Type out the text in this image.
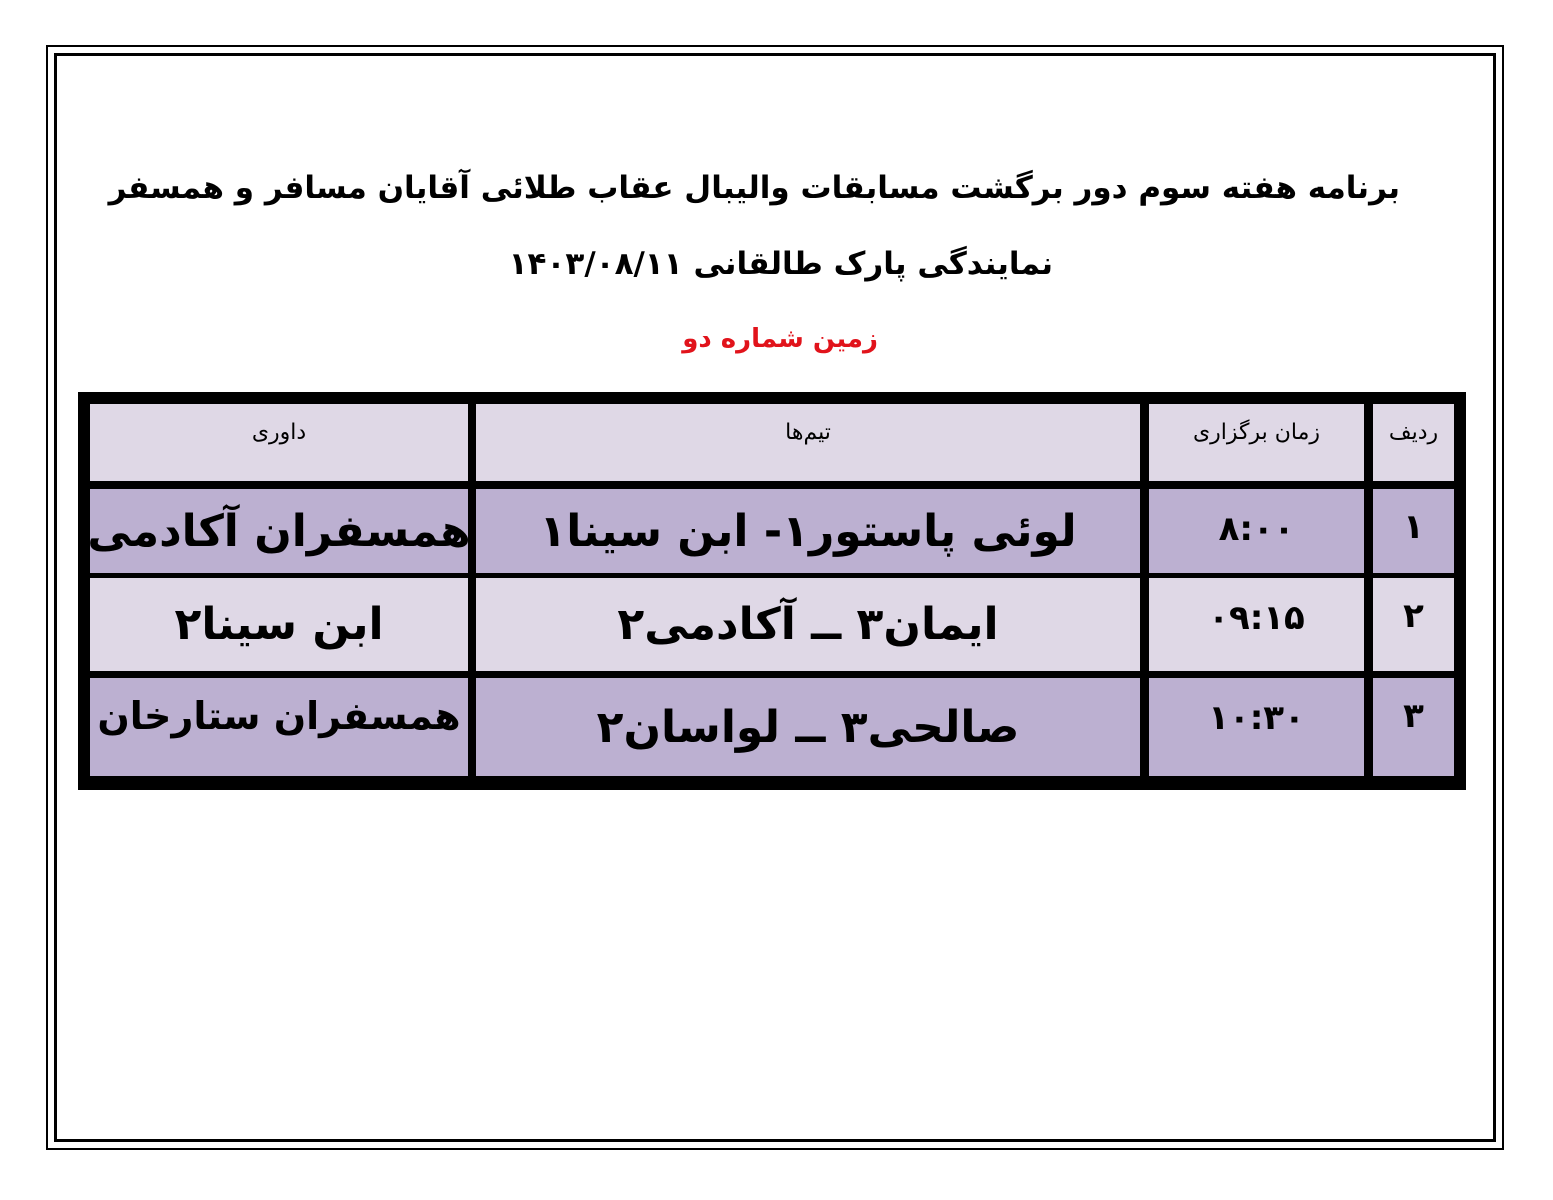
برنامه هفته سوم دور برگشت مسابقات والیبال عقاب طلائی آقایان مسافر و همسفر
نمایندگی پارک طالقانی ۱۴۰۳/۰۸/۱۱
زمین شماره دو
ردیف
زمان برگزاری
تیم‌ها
داوری
۱
۸:۰۰
لوئی پاستور۱- ابن سینا۱
همسفران آکادمی
۲
۰۹:۱۵
ایمان۳ ــ آکادمی۲
ابن سینا۲
۳
۱۰:۳۰
صالحی۳ ــ لواسان۲
همسفران ستارخان
